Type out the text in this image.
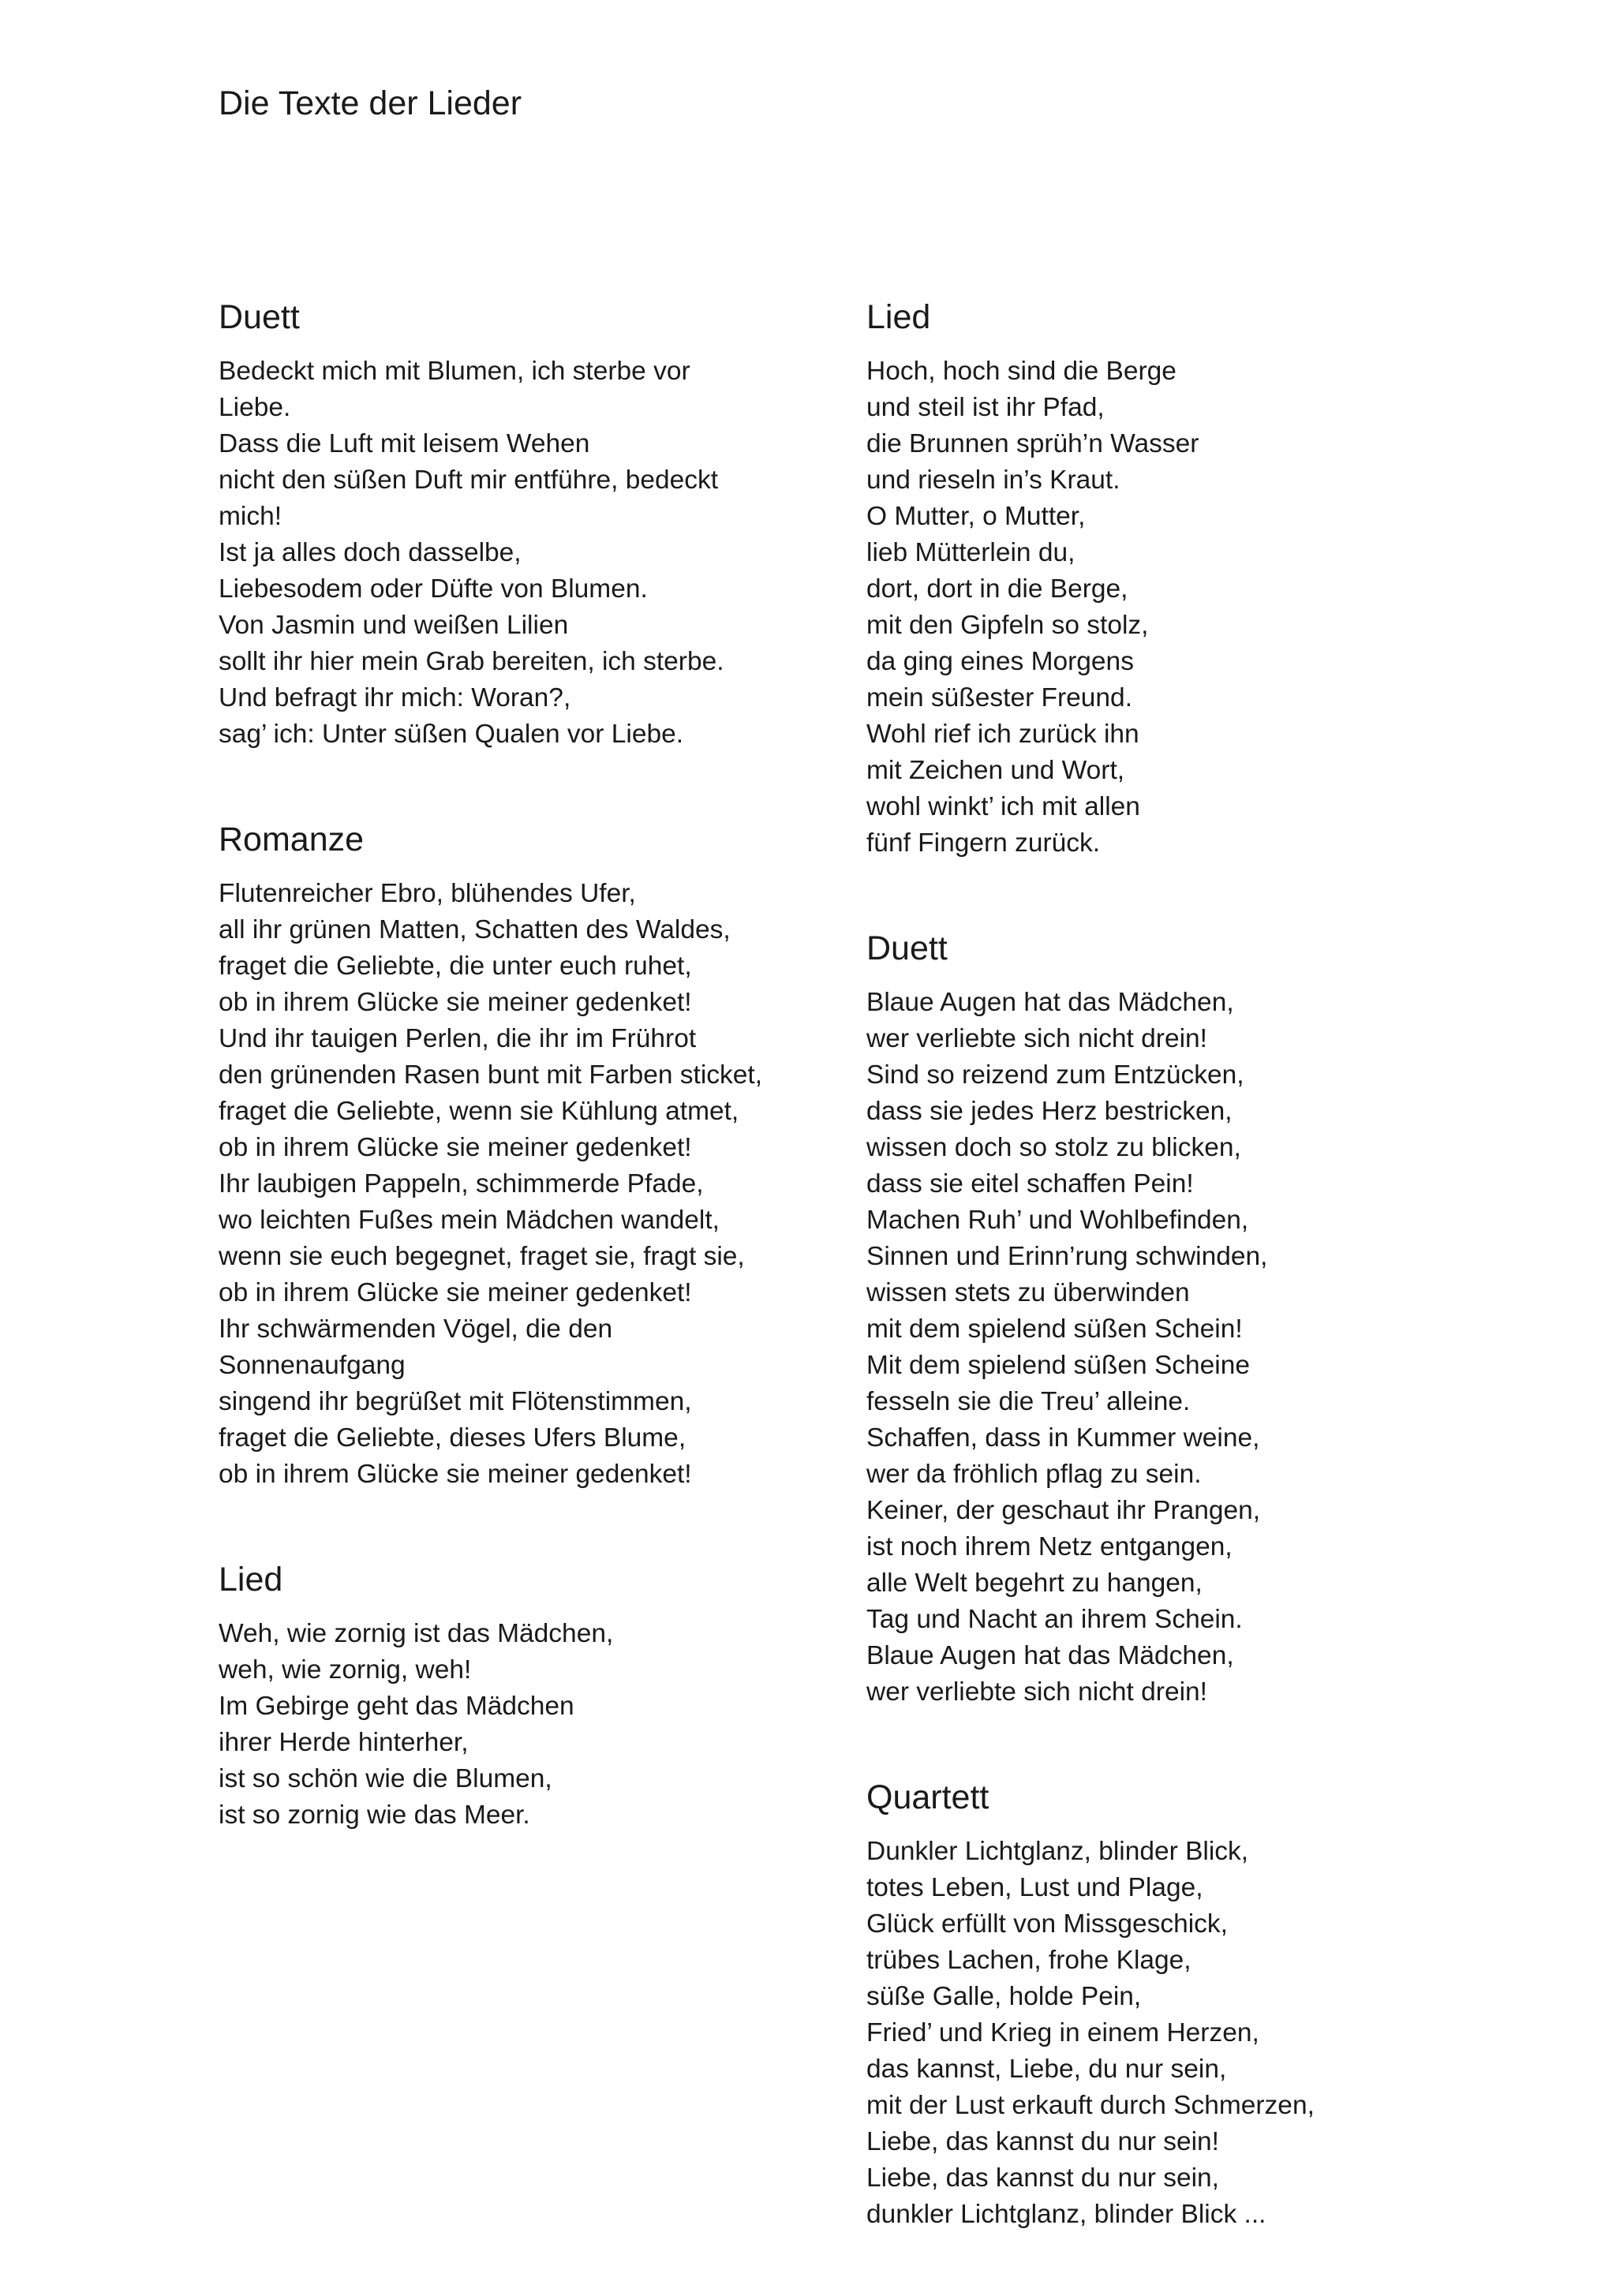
Die Texte der Lieder
Duett
Bedeckt mich mit Blumen, ich sterbe vor
Liebe.
Dass die Luft mit leisem Wehen
nicht den süßen Duft mir entführe, bedeckt
mich!
Ist ja alles doch dasselbe,
Liebesodem oder Düfte von Blumen.
Von Jasmin und weißen Lilien
sollt ihr hier mein Grab bereiten, ich sterbe.
Und befragt ihr mich: Woran?,
sag’ ich: Unter süßen Qualen vor Liebe.
Romanze
Flutenreicher Ebro, blühendes Ufer,
all ihr grünen Matten, Schatten des Waldes,
fraget die Geliebte, die unter euch ruhet,
ob in ihrem Glücke sie meiner gedenket!
Und ihr tauigen Perlen, die ihr im Frührot
den grünenden Rasen bunt mit Farben sticket,
fraget die Geliebte, wenn sie Kühlung atmet,
ob in ihrem Glücke sie meiner gedenket!
Ihr laubigen Pappeln, schimmerde Pfade,
wo leichten Fußes mein Mädchen wandelt,
wenn sie euch begegnet, fraget sie, fragt sie,
ob in ihrem Glücke sie meiner gedenket!
Ihr schwärmenden Vögel, die den
Sonnenaufgang
singend ihr begrüßet mit Flötenstimmen,
fraget die Geliebte, dieses Ufers Blume,
ob in ihrem Glücke sie meiner gedenket!
Lied
Weh, wie zornig ist das Mädchen,
weh, wie zornig, weh!
Im Gebirge geht das Mädchen
ihrer Herde hinterher,
ist so schön wie die Blumen,
ist so zornig wie das Meer.
Lied
Hoch, hoch sind die Berge
und steil ist ihr Pfad,
die Brunnen sprüh’n Wasser
und rieseln in’s Kraut.
O Mutter, o Mutter,
lieb Mütterlein du,
dort, dort in die Berge,
mit den Gipfeln so stolz,
da ging eines Morgens
mein süßester Freund.
Wohl rief ich zurück ihn
mit Zeichen und Wort,
wohl winkt’ ich mit allen
fünf Fingern zurück.
Duett
Blaue Augen hat das Mädchen,
wer verliebte sich nicht drein!
Sind so reizend zum Entzücken,
dass sie jedes Herz bestricken,
wissen doch so stolz zu blicken,
dass sie eitel schaffen Pein!
Machen Ruh’ und Wohlbefinden,
Sinnen und Erinn’rung schwinden,
wissen stets zu überwinden
mit dem spielend süßen Schein!
Mit dem spielend süßen Scheine
fesseln sie die Treu’ alleine.
Schaffen, dass in Kummer weine,
wer da fröhlich pflag zu sein.
Keiner, der geschaut ihr Prangen,
ist noch ihrem Netz entgangen,
alle Welt begehrt zu hangen,
Tag und Nacht an ihrem Schein.
Blaue Augen hat das Mädchen,
wer verliebte sich nicht drein!
Quartett
Dunkler Lichtglanz, blinder Blick,
totes Leben, Lust und Plage,
Glück erfüllt von Missgeschick,
trübes Lachen, frohe Klage,
süße Galle, holde Pein,
Fried’ und Krieg in einem Herzen,
das kannst, Liebe, du nur sein,
mit der Lust erkauft durch Schmerzen,
Liebe, das kannst du nur sein!
Liebe, das kannst du nur sein,
dunkler Lichtglanz, blinder Blick ...
